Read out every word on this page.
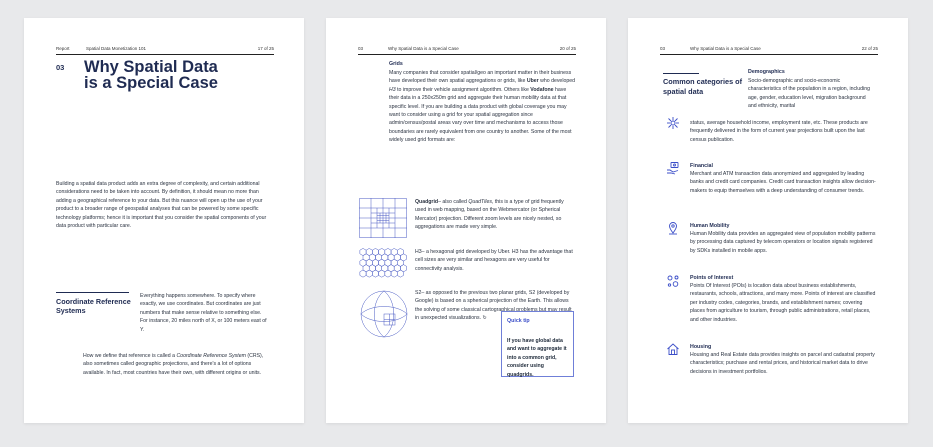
Report	Spatial Data Monetization 101	17 of 25
03 Why Spatial Data is a Special Case
Building a spatial data product adds an extra degree of complexity, and certain additional considerations need to be taken into account. By definition, it should mean no more than adding a geographical reference to your data. But this nuance will open up the use of your product to a broader range of geospatial analyses that can be powered by some specific technology platforms; hence it is important that you consider the spatial components of your data product with particular care.
Coordinate Reference Systems
Everything happens somewhere. To specify where exactly, we use coordinates. But coordinates are just numbers that make sense relative to something else. For instance, 20 miles north of X, or 100 meters east of Y.
How we define that reference is called a Coordinate Reference System (CRS), also sometimes called geographic projections, and there's a lot of options available. In fact, most countries have their own, with different origins or units.
03	Why Spatial Data is a Special Case	20 of 25
Grids
Many companies that consider spatial/geo an important matter in their business have developed their own spatial aggregations or grids, like Uber who developed H3 to improve their vehicle assignment algorithm. Others like Vodafone have their data in a 250x250m grid and aggregate their human mobility data at that specific level. If you are building a data product with global coverage you may want to consider using a grid for your spatial aggregation since admin/census/postal areas vary over time and mechanisms to access those boundaries are rarely equivalent from one country to another. Some of the most widely used grid formats are:
Quadgrid– also called QuadTiles, this is a type of grid frequently used in web mapping, based on the Webmercator (or Spherical Mercator) projection. Different zoom levels are nicely nested, so aggregations are made very simple.
H3– a hexagonal grid developed by Uber. H3 has the advantage that cell sizes are very similar and hexagons are very useful for connectivity analysis.
S2– as opposed to the previous two planar grids, S2 (developed by Google) is based on a spherical projection of the Earth. This allows the solving of some classical cartographical problems but may result in unexpected visualizations. ↻	Quick tip
If you have global data and want to aggregate it into a common grid, consider using quadgrids.
03	Why Spatial Data is a Special Case	22 of 25
Common categories of spatial data
Demographics
Socio-demographic and socio-economic characteristics of the population in a region, including age, gender, education level, migration background and ethnicity, marital
status, average household income, employment rate, etc. These products are frequently delivered in the form of current year projections built upon the last census publication.
Financial
Merchant and ATM transaction data anonymized and aggregated by leading banks and credit card companies. Credit card transaction insights allow decision-makers to equip themselves with a deep understanding of consumer trends.
Human Mobility
Human Mobility data provides an aggregated view of population mobility patterns by processing data captured by telecom operators or location signals registered by SDKs installed in mobile apps.
Points of Interest
Points Of Interest (POIs) is location data about business establishments, restaurants, schools, attractions, and many more. Points of interest are classified per industry codes, categories, brands, and establishment names; covering places from agriculture to tourism, through public administrations, retail places, and other industries.
Housing
Housing and Real Estate data provides insights on parcel and cadastral property characteristics; purchase and rental prices, and historical market data to drive decisions in investment portfolios.
